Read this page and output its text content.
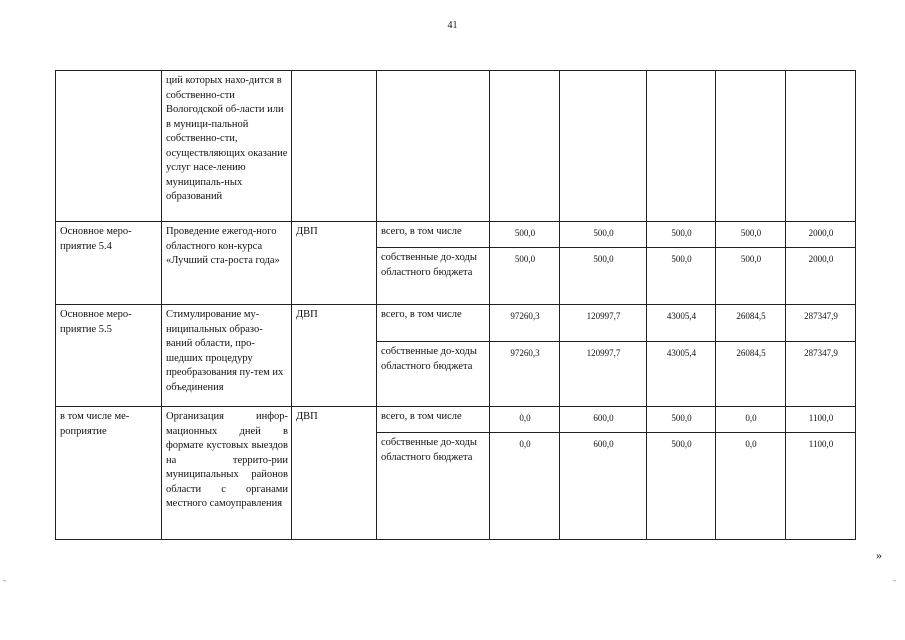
41
	ций которых нахо-дится в собственно-сти Вологодской об-ласти или в муници-пальной собственно-сти, осуществляющих оказание услуг насе-лению муниципаль-ных образований							
Основное меро-приятие 5.4	Проведение ежегод-ного областного кон-курса «Лучший ста-роста года»	ДВП	всего, в том числе	500,0	500,0	500,0	500,0	2000,0
			собственные до-ходы областного бюджета	500,0	500,0	500,0	500,0	2000,0
Основное меро-приятие 5.5	Стимулирование му-ниципальных образо-ваний области, про-шедших процедуру преобразования пу-тем их объединения	ДВП	всего, в том числе	97260,3	120997,7	43005,4	26084,5	287347,9
			собственные до-ходы областного бюджета	97260,3	120997,7	43005,4	26084,5	287347,9
в том числе ме-роприятие	Организация инфор-мационных дней в формате кустовых выездов на террито-рии муниципальных районов области с органами местного самоуправления	ДВП	всего, в том числе	0,0	600,0	500,0	0,0	1100,0
			собственные до-ходы областного бюджета	0,0	600,0	500,0	0,0	1100,0
»
-	-
